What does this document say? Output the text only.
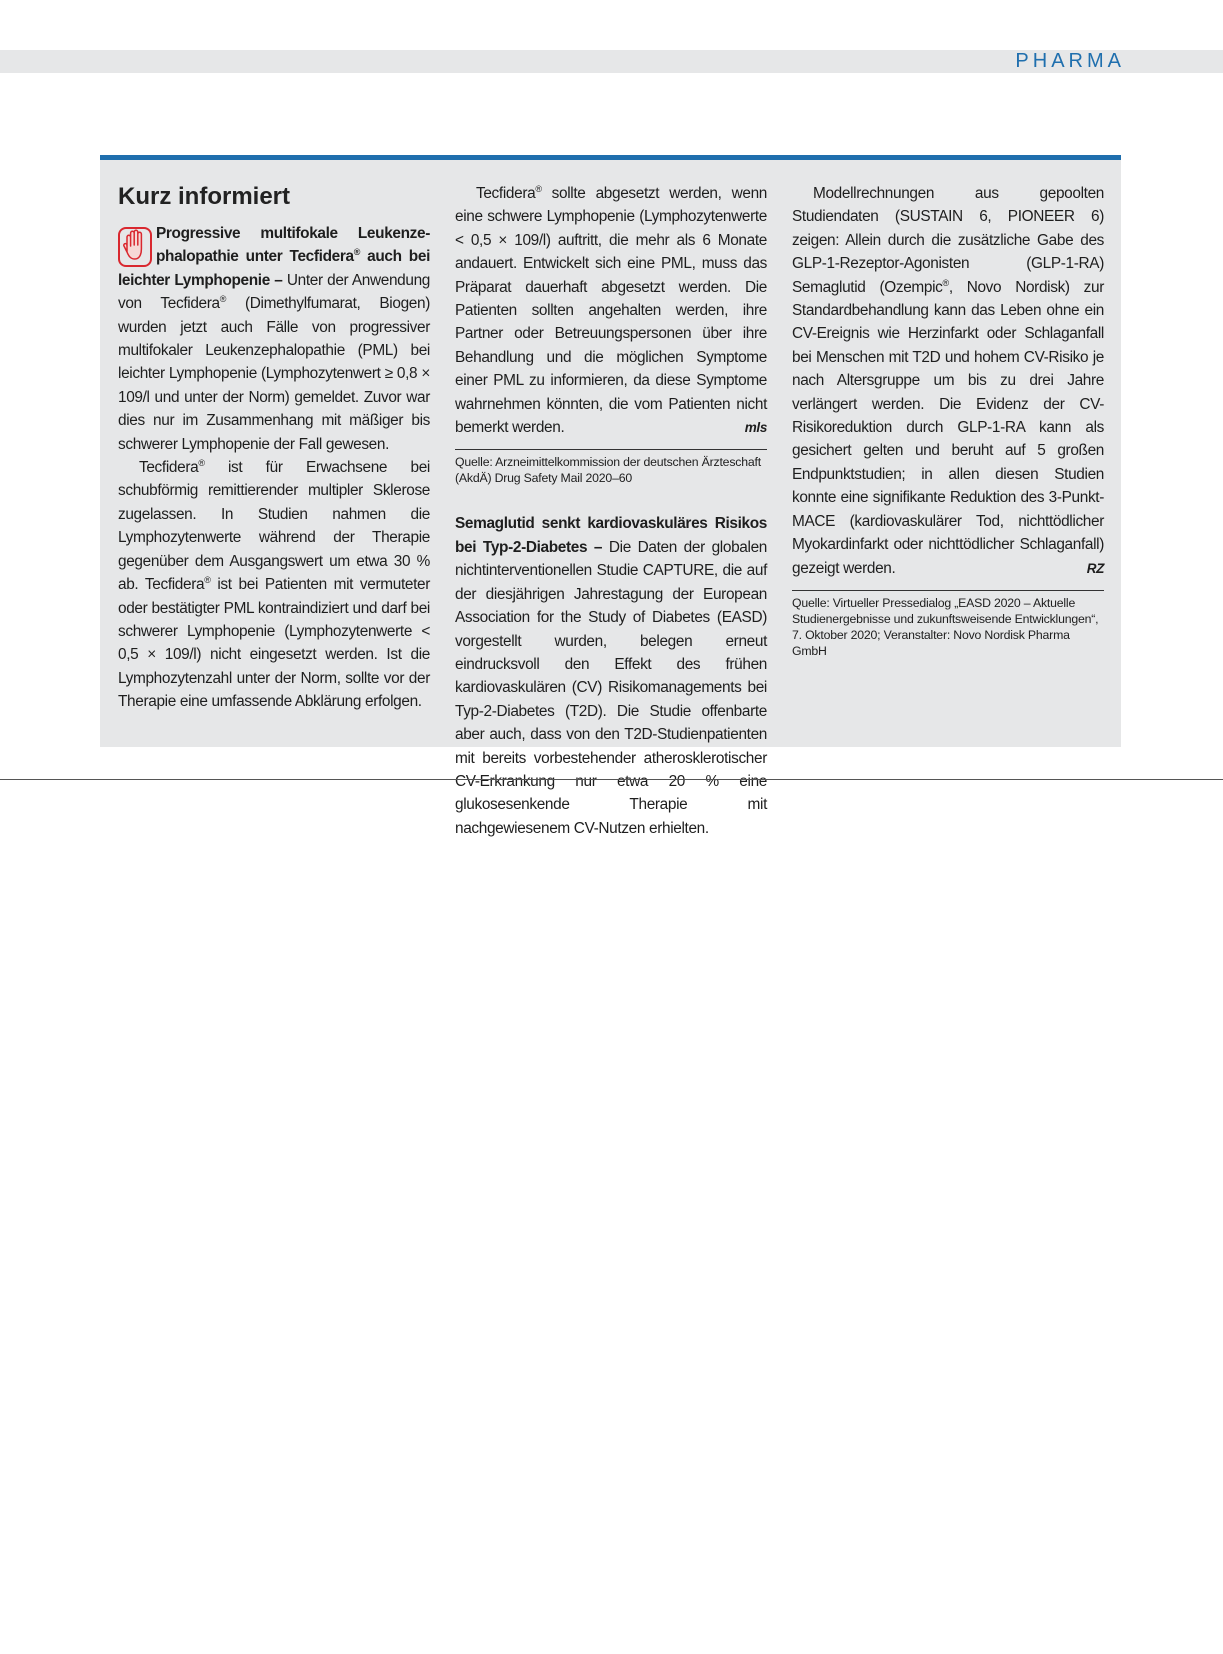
PHARMA
Kurz informiert

Progressive multifokale Leukenze-phalopathie unter Tecfidera® auch bei leichter Lymphopenie – Unter der Anwendung von Tecfidera® (Dimethylfumarat, Biogen) wurden jetzt auch Fälle von progressiver multifokaler Leukenzephalopathie (PML) bei leichter Lymphopenie (Lymphozytenwert ≥ 0,8 × 109/l und unter der Norm) gemeldet. Zuvor war dies nur im Zusammenhang mit mäßiger bis schwerer Lymphopenie der Fall gewesen.

Tecfidera® ist für Erwachsene bei schubförmig remittierender multipler Sklerose zugelassen. In Studien nahmen die Lymphozytenwerte während der Therapie gegenüber dem Ausgangswert um etwa 30 % ab. Tecfidera® ist bei Patienten mit vermuteter oder bestätigter PML kontraindiziert und darf bei schwerer Lymphopenie (Lymphozytenwerte < 0,5 × 109/l) nicht eingesetzt werden. Ist die Lymphozytenzahl unter der Norm, sollte vor der Therapie eine umfassende Abklärung erfolgen.

Tecfidera® sollte abgesetzt werden, wenn eine schwere Lymphopenie (Lymphozytenwerte < 0,5 × 109/l) auftritt, die mehr als 6 Monate andauert. Entwickelt sich eine PML, muss das Präparat dauerhaft abgesetzt werden. Die Patienten sollten angehalten werden, ihre Partner oder Betreuungspersonen über ihre Behandlung und die möglichen Symptome einer PML zu informieren, da diese Symptome wahrnehmen könnten, die vom Patienten nicht bemerkt werden.	mls

Quelle: Arzneimittelkommission der deutschen Ärzteschaft (AkdÄ) Drug Safety Mail 2020–60

Semaglutid senkt kardiovaskuläres Risikos bei Typ-2-Diabetes – Die Daten der globalen nichtinterventionellen Studie CAPTURE, die auf der diesjährigen Jahrestagung der European Association for the Study of Diabetes (EASD) vorgestellt wurden, belegen erneut eindrucksvoll den Effekt des frühen kardiovaskulären (CV) Risikomanagements bei Typ-2-Diabetes (T2D). Die Studie offenbarte aber auch, dass von den T2D-Studienpatienten mit bereits vorbestehender atherosklerotischer CV-Erkrankung nur etwa 20 % eine glukosesenkende Therapie mit nachgewiesenem CV-Nutzen erhielten.

Modellrechnungen aus gepoolten Studiendaten (SUSTAIN 6, PIONEER 6) zeigen: Allein durch die zusätzliche Gabe des GLP-1-Rezeptor-Agonisten (GLP-1-RA) Semaglutid (Ozempic®, Novo Nordisk) zur Standardbehandlung kann das Leben ohne ein CV-Ereignis wie Herzinfarkt oder Schlaganfall bei Menschen mit T2D und hohem CV-Risiko je nach Altersgruppe um bis zu drei Jahre verlängert werden. Die Evidenz der CV-Risikoreduktion durch GLP-1-RA kann als gesichert gelten und beruht auf 5 großen Endpunktstudien; in allen diesen Studien konnte eine signifikante Reduktion des 3-Punkt-MACE (kardiovaskulärer Tod, nichttödlicher Myokardinfarkt oder nichttödlicher Schlaganfall) gezeigt werden.	RZ

Quelle: Virtueller Pressedialog „EASD 2020 – Aktuelle Studienergebnisse und zukunftsweisende Entwicklungen“, 7. Oktober 2020; Veranstalter: Novo Nordisk Pharma GmbH
